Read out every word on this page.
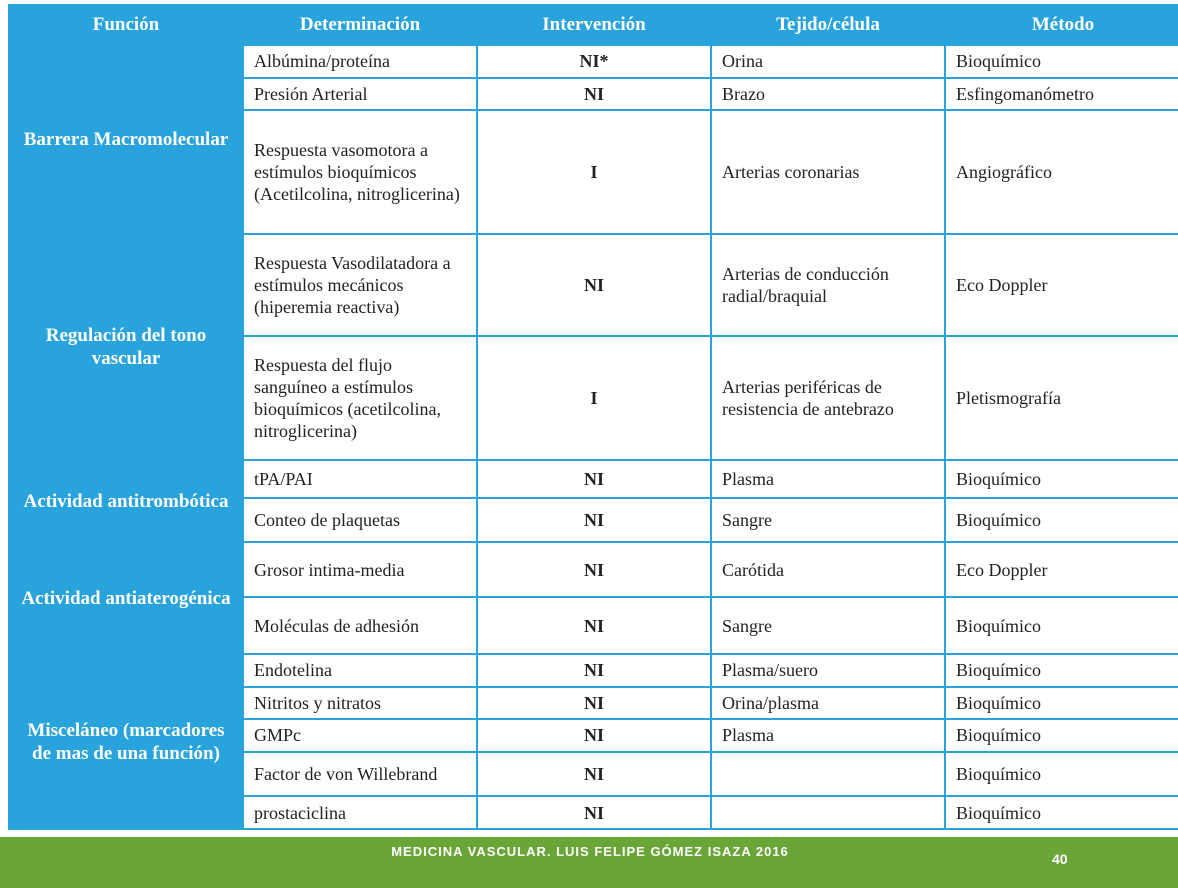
Función	Determinación	Intervención	Tejido/célula	Método
Barrera Macromolecular	Albúmina/proteína	NI*	Orina	Bioquímico
	Presión Arterial	NI	Brazo	Esfingomanómetro
	Respuesta vasomotora a estímulos bioquímicos (Acetilcolina, nitroglicerina)	I	Arterias coronarias	Angiográfico
Regulación del tono vascular	Respuesta Vasodilatadora a estímulos mecánicos (hiperemia reactiva)	NI	Arterias de conducción radial/braquial	Eco Doppler
	Respuesta del flujo sanguíneo a estímulos bioquímicos (acetilcolina, nitroglicerina)	I	Arterias periféricas de resistencia de antebrazo	Pletismografía
Actividad antitrombótica	tPA/PAI	NI	Plasma	Bioquímico
	Conteo de plaquetas	NI	Sangre	Bioquímico
Actividad antiaterogénica	Grosor intima-media	NI	Carótida	Eco Doppler
	Moléculas de adhesión	NI	Sangre	Bioquímico
Misceláneo (marcadores de mas de una función)	Endotelina	NI	Plasma/suero	Bioquímico
	Nitritos y nitratos	NI	Orina/plasma	Bioquímico
	GMPc	NI	Plasma	Bioquímico
	Factor de von Willebrand	NI		Bioquímico
	prostaciclina	NI		Bioquímico
MEDICINA VASCULAR. LUIS FELIPE GÓMEZ ISAZA 2016	40
